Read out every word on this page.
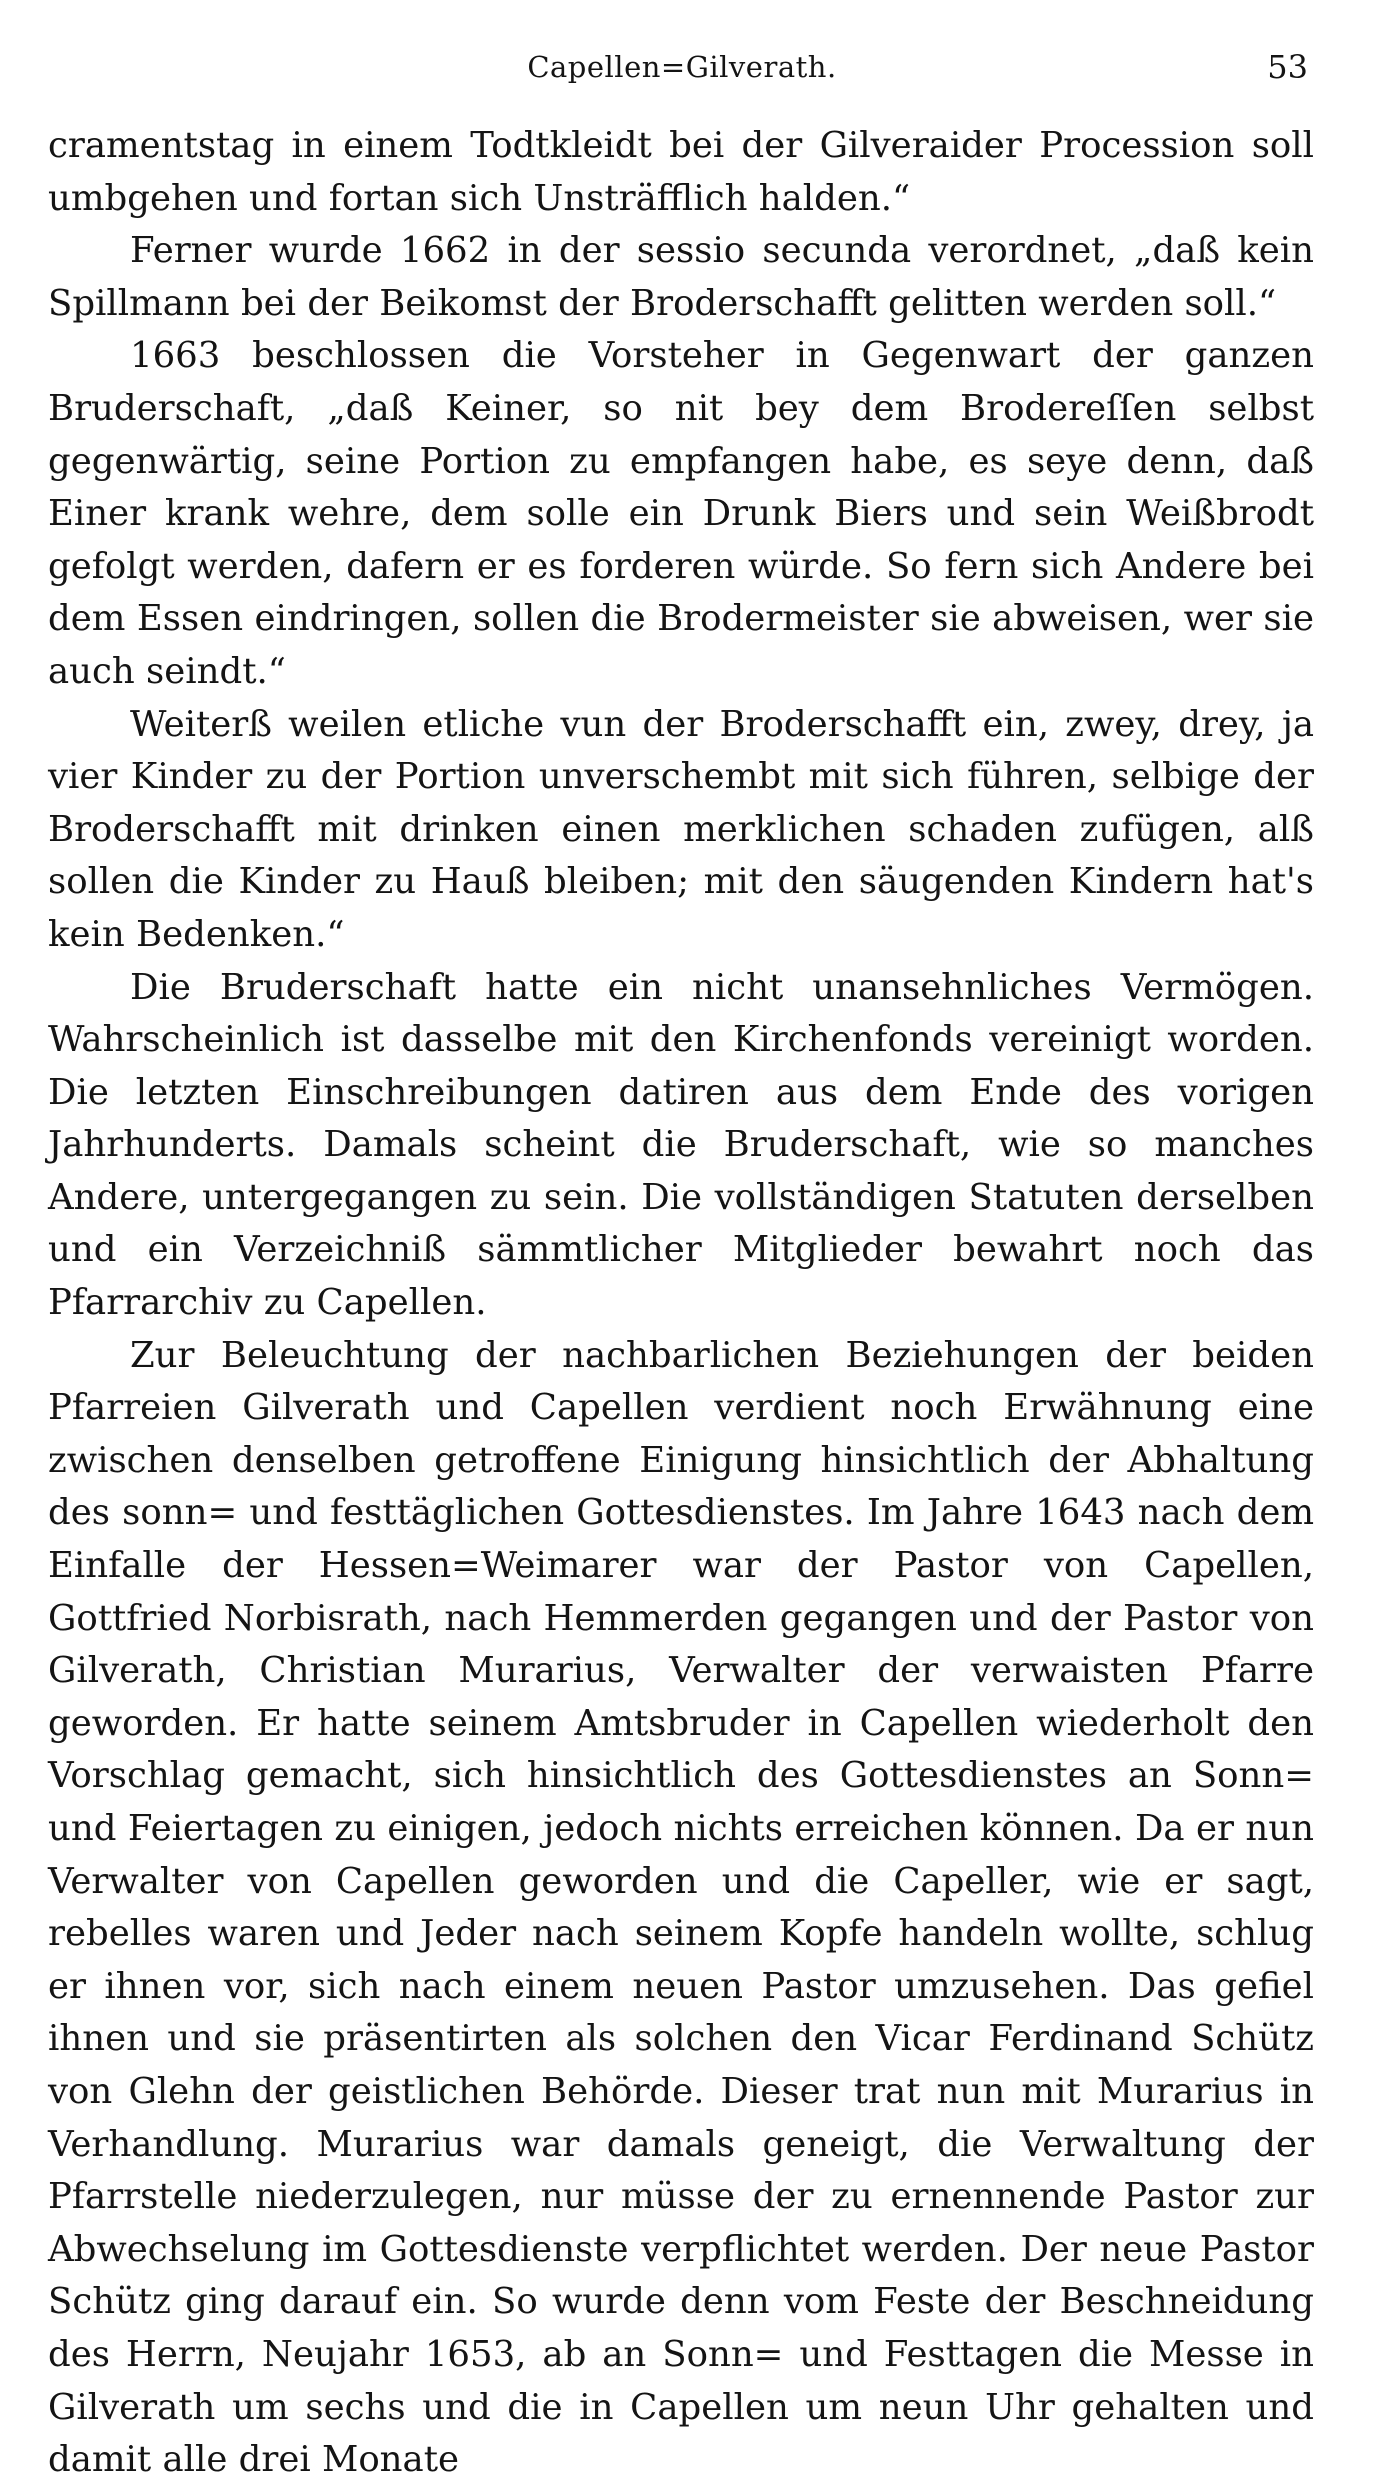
Capellen=Gilverath.	53

cramentstag in einem Todtkleidt bei der Gilveraider Procession soll umbgehen und fortan sich Unsträfflich halden.“

Ferner wurde 1662 in der sessio secunda verordnet, „daß kein Spillmann bei der Beikomst der Broderschafft gelitten werden soll.“

1663 beschlossen die Vorsteher in Gegenwart der ganzen Bruderschaft, „daß Keiner, so nit bey dem Brodereſſen selbst gegenwärtig, seine Portion zu empfangen habe, es seye denn, daß Einer krank wehre, dem solle ein Drunk Biers und sein Weißbrodt gefolgt werden, dafern er es forderen würde. So fern sich Andere bei dem Essen eindringen, sollen die Brodermeister sie abweisen, wer sie auch seindt.“

Weiterß weilen etliche vun der Broderschafft ein, zwey, drey, ja vier Kinder zu der Portion unverschembt mit sich führen, selbige der Broderschafft mit drinken einen merklichen schaden zufügen, alß sollen die Kinder zu Hauß bleiben; mit den säugenden Kindern hat's kein Bedenken.“

Die Bruderschaft hatte ein nicht unansehnliches Vermögen. Wahrscheinlich ist dasselbe mit den Kirchenfonds vereinigt worden. Die letzten Einschreibungen datiren aus dem Ende des vorigen Jahrhunderts. Damals scheint die Bruderschaft, wie so manches Andere, untergegangen zu sein. Die vollständigen Statuten derselben und ein Verzeichniß sämmtlicher Mitglieder bewahrt noch das Pfarrarchiv zu Capellen.

Zur Beleuchtung der nachbarlichen Beziehungen der beiden Pfarreien Gilverath und Capellen verdient noch Erwähnung eine zwischen denselben getroffene Einigung hinsichtlich der Abhaltung des sonn= und festtäglichen Gottesdienstes. Im Jahre 1643 nach dem Einfalle der Hessen=Weimarer war der Pastor von Capellen, Gottfried Norbisrath, nach Hemmerden gegangen und der Pastor von Gilverath, Christian Murarius, Verwalter der verwaisten Pfarre geworden. Er hatte seinem Amtsbruder in Capellen wiederholt den Vorschlag gemacht, sich hinsichtlich des Gottesdienstes an Sonn= und Feiertagen zu einigen, jedoch nichts erreichen können. Da er nun Verwalter von Capellen geworden und die Capeller, wie er sagt, rebelles waren und Jeder nach seinem Kopfe handeln wollte, schlug er ihnen vor, sich nach einem neuen Pastor umzusehen. Das gefiel ihnen und sie präsentirten als solchen den Vicar Ferdinand Schütz von Glehn der geistlichen Behörde. Dieser trat nun mit Murarius in Verhandlung. Murarius war damals geneigt, die Verwaltung der Pfarrstelle niederzulegen, nur müsse der zu ernennende Pastor zur Abwechselung im Gottesdienste verpflichtet werden. Der neue Pastor Schütz ging darauf ein. So wurde denn vom Feste der Beschneidung des Herrn, Neujahr 1653, ab an Sonn= und Festtagen die Messe in Gilverath um sechs und die in Capellen um neun Uhr gehalten und damit alle drei Monate
